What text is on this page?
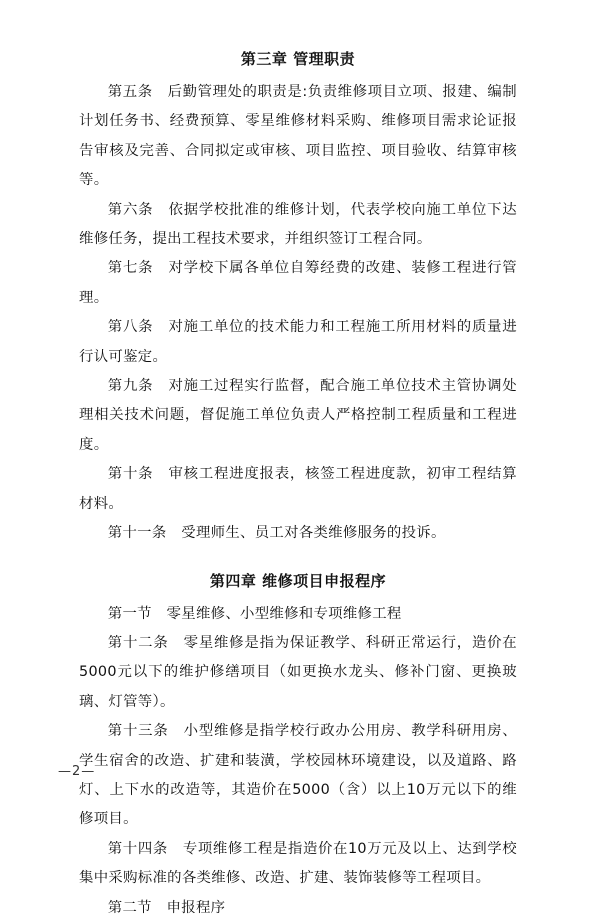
第三章 管理职责

第五条　后勤管理处的职责是:负责维修项目立项、报建、编制计划任务书、经费预算、零星维修材料采购、维修项目需求论证报告审核及完善、合同拟定或审核、项目监控、项目验收、结算审核等。

第六条　依据学校批准的维修计划，代表学校向施工单位下达维修任务，提出工程技术要求，并组织签订工程合同。

第七条　对学校下属各单位自筹经费的改建、装修工程进行管理。

第八条　对施工单位的技术能力和工程施工所用材料的质量进行认可鉴定。

第九条　对施工过程实行监督，配合施工单位技术主管协调处理相关技术问题，督促施工单位负责人严格控制工程质量和工程进度。

第十条　审核工程进度报表，核签工程进度款，初审工程结算材料。

第十一条　受理师生、员工对各类维修服务的投诉。

第四章 维修项目申报程序

第一节　零星维修、小型维修和专项维修工程

第十二条　零星维修是指为保证教学、科研正常运行，造价在5000元以下的维护修缮项目（如更换水龙头、修补门窗、更换玻璃、灯管等）。

第十三条　小型维修是指学校行政办公用房、教学科研用房、学生宿舍的改造、扩建和装潢，学校园林环境建设，以及道路、路灯、上下水的改造等，其造价在5000（含）以上10万元以下的维修项目。

第十四条　专项维修工程是指造价在10万元及以上、达到学校集中采购标准的各类维修、改造、扩建、装饰装修等工程项目。

第二节　申报程序

—2—
